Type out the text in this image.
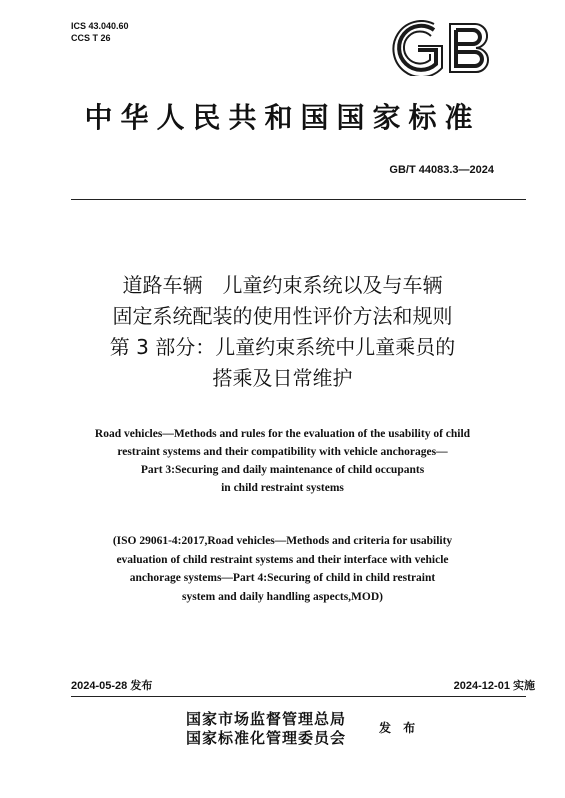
ICS 43.040.60
CCS T 26
中华人民共和国国家标准
GB/T 44083.3—2024
道路车辆　儿童约束系统以及与车辆
固定系统配装的使用性评价方法和规则
第 3 部分：儿童约束系统中儿童乘员的
搭乘及日常维护
Road vehicles—Methods and rules for the evaluation of the usability of child
restraint systems and their compatibility with vehicle anchorages—
Part 3:Securing and daily maintenance of child occupants
in child restraint systems
(ISO 29061-4:2017,Road vehicles—Methods and criteria for usability
evaluation of child restraint systems and their interface with vehicle
anchorage systems—Part 4:Securing of child in child restraint
system and daily handling aspects,MOD)
2024-05-28 发布	2024-12-01 实施
国家市场监督管理总局
国家标准化管理委员会
发 布
